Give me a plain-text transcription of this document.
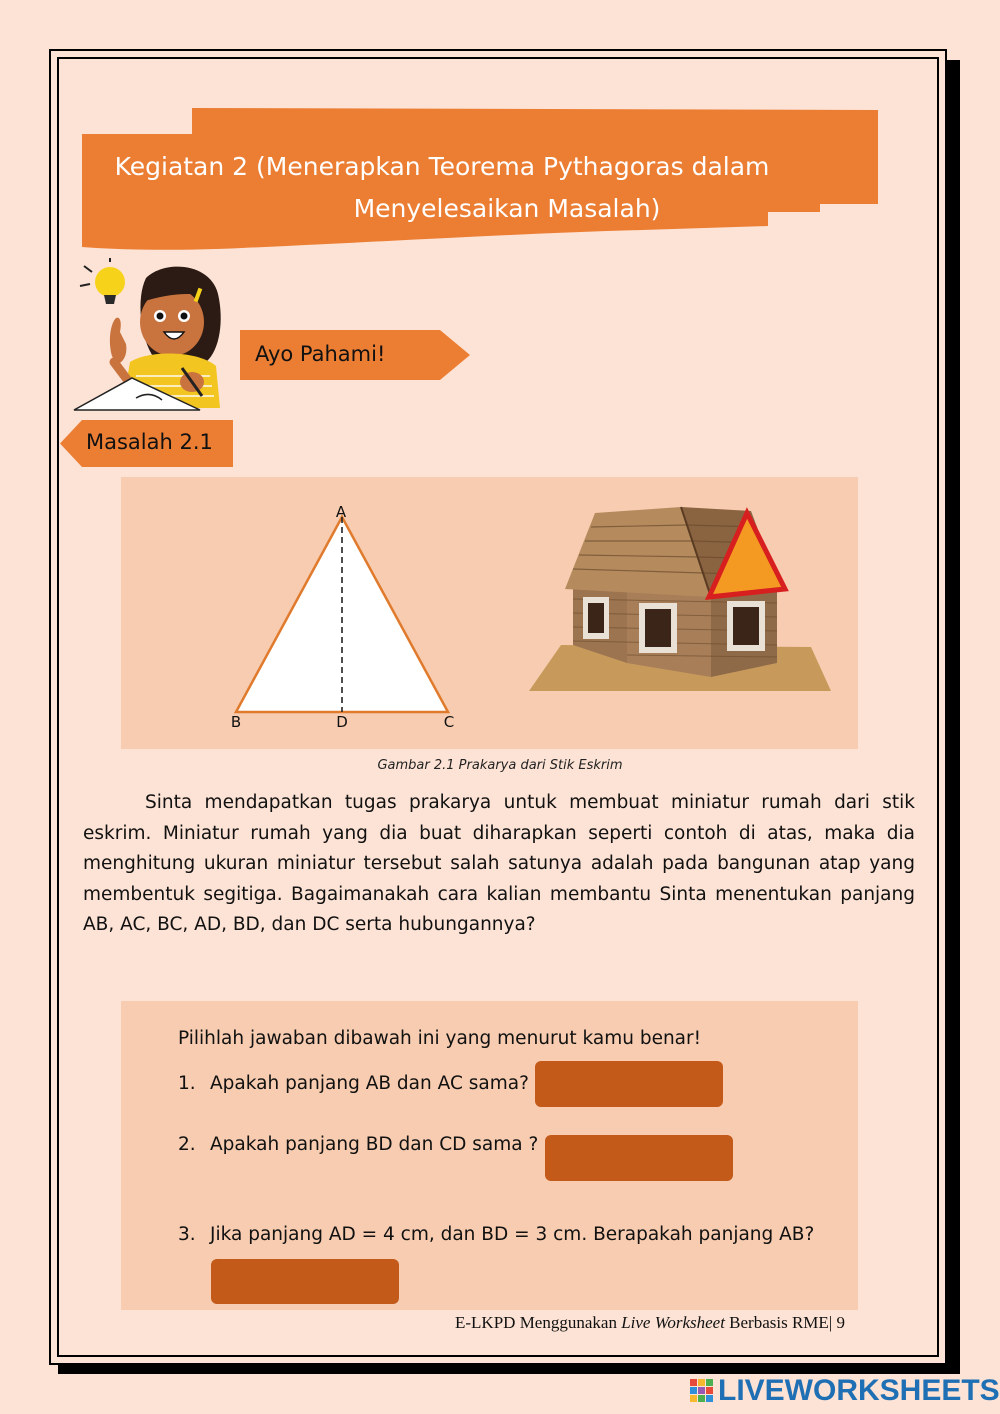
Kegiatan 2 (Menerapkan Teorema Pythagoras dalam
Menyelesaikan Masalah)
Ayo Pahami!
Masalah 2.1
A
B	D	C
Gambar 2.1 Prakarya dari Stik Eskrim

Sinta mendapatkan tugas prakarya untuk membuat miniatur rumah dari stik eskrim. Miniatur rumah yang dia buat diharapkan seperti contoh di atas, maka dia menghitung ukuran miniatur tersebut salah satunya adalah pada bangunan atap yang membentuk segitiga. Bagaimanakah cara kalian membantu Sinta menentukan panjang AB, AC, BC, AD, BD, dan DC serta hubungannya?

Pilihlah jawaban dibawah ini yang menurut kamu benar!
1. Apakah panjang AB dan AC sama?
2. Apakah panjang BD dan CD sama ?
3. Jika panjang AD = 4 cm, dan BD = 3 cm. Berapakah panjang AB?
E-LKPD Menggunakan Live Worksheet Berbasis RME| 9
LIVEWORKSHEETS
